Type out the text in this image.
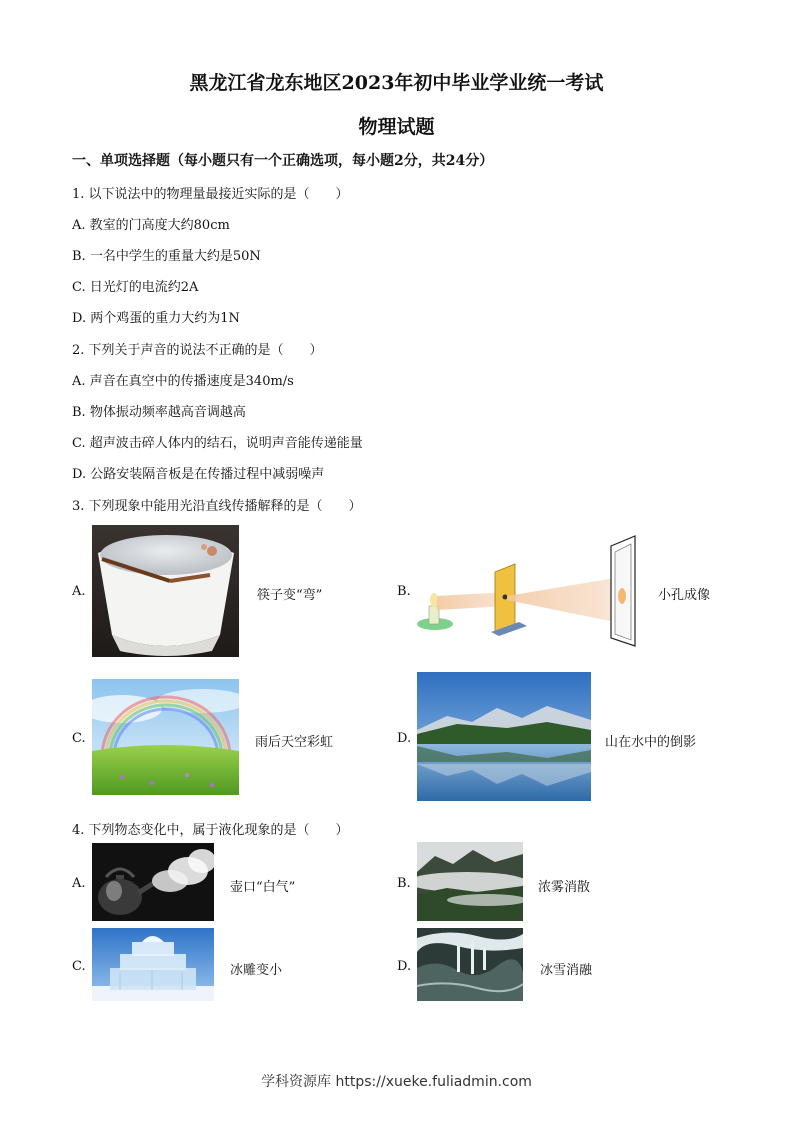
黑龙江省龙东地区2023年初中毕业学业统一考试
物理试题
一、单项选择题（每小题只有一个正确选项，每小题2分，共24分）
1. 以下说法中的物理量最接近实际的是（　　）
A. 教室的门高度大约80cm
B. 一名中学生的重量大约是50N
C. 日光灯的电流约2A
D. 两个鸡蛋的重力大约为1N
2. 下列关于声音的说法不正确的是（　　）
A. 声音在真空中的传播速度是340m/s
B. 物体振动频率越高音调越高
C. 超声波击碎人体内的结石，说明声音能传递能量
D. 公路安装隔音板是在传播过程中减弱噪声
3. 下列现象中能用光沿直线传播解释的是（　　）
A.	筷子变“弯”	B.	小孔成像
C.	雨后天空彩虹	D.	山在水中的倒影
4. 下列物态变化中，属于液化现象的是（　　）
A.	壶口“白气”	B.	浓雾消散
C.	冰雕变小	D.	冰雪消融
学科资源库 https://xueke.fuliadmin.com
